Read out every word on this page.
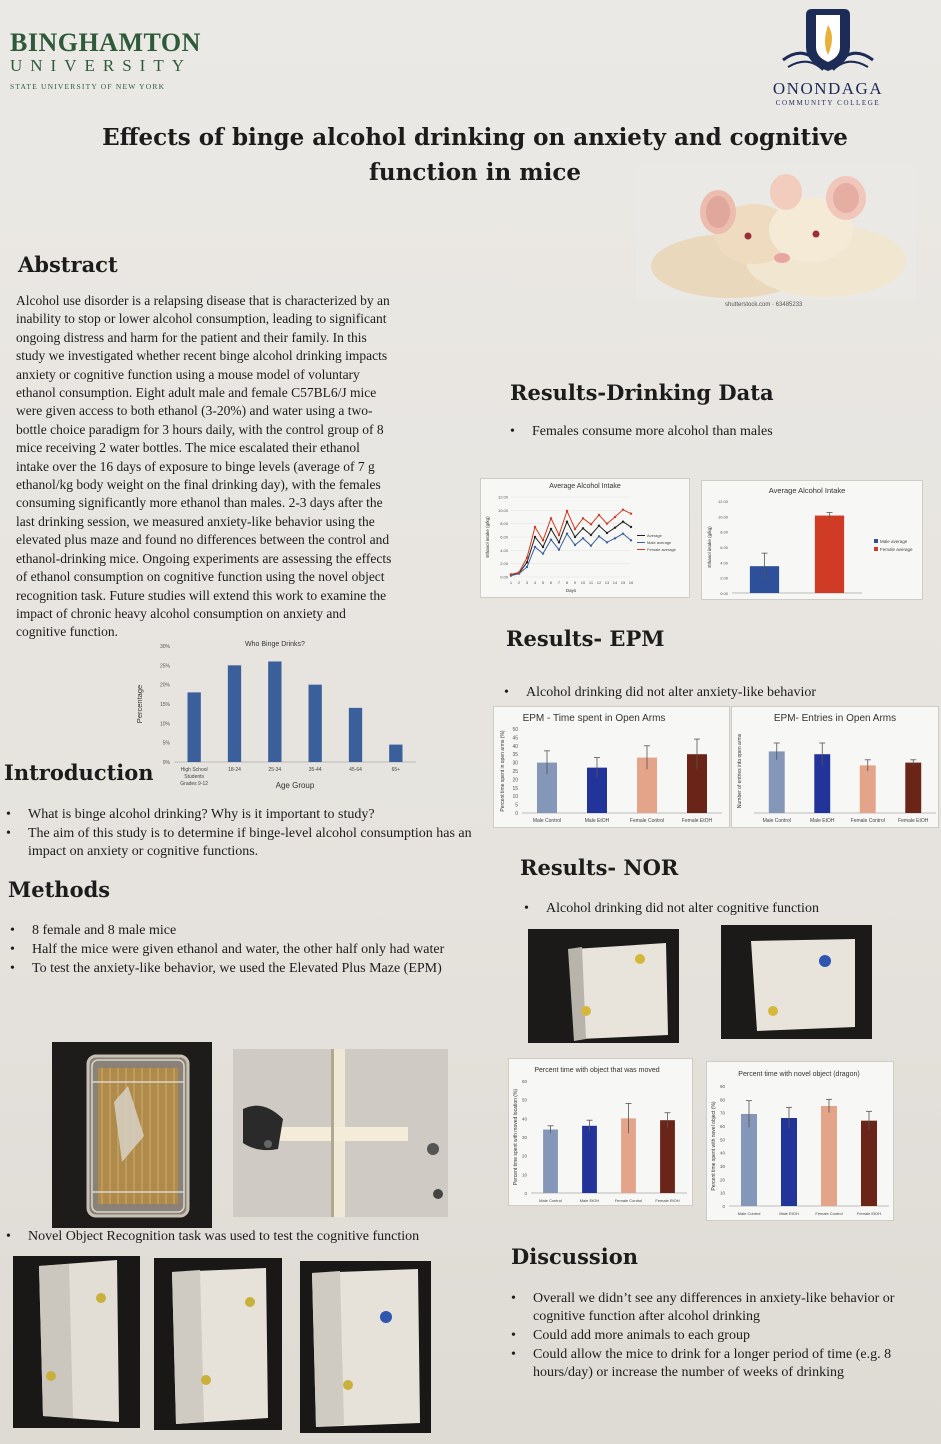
BINGHAMTON
UNIVERSITY
STATE UNIVERSITY OF NEW YORK	ONONDAGA
COMMUNITY COLLEGE
Effects of binge alcohol drinking on anxiety and cognitive
function in mice
shutterstock.com · 63485233
Abstract
Alcohol use disorder is a relapsing disease that is characterized by an
inability to stop or lower alcohol consumption, leading to significant
ongoing distress and harm for the patient and their family. In this
study we investigated whether recent binge alcohol drinking impacts
anxiety or cognitive function using a mouse model of voluntary
ethanol consumption. Eight adult male and female C57BL6/J mice
were given access to both ethanol (3-20%) and water using a two-
bottle choice paradigm for 3 hours daily, with the control group of 8
mice receiving 2 water bottles. The mice escalated their ethanol
intake over the 16 days of exposure to binge levels (average of 7 g
ethanol/kg body weight on the final drinking day), with the females
consuming significantly more ethanol than males. 2-3 days after the
last drinking session, we measured anxiety-like behavior using the
elevated plus maze and found no differences between the control and
ethanol-drinking mice. Ongoing experiments are assessing the effects
of ethanol consumption on cognitive function using the novel object
recognition task. Future studies will extend this work to examine the
impact of chronic heavy alcohol consumption on anxiety and
cognitive function.
Who Binge Drinks?
Percentage
Age Group
0%
5%
10%
15%
20%
25%
30%
High School
Students
Grades 9-12
18-24	25-34	35-44	45-64	65+
Introduction
• What is binge alcohol drinking? Why is it important to study?
• The aim of this study is to determine if binge-level alcohol consumption has an impact on anxiety or cognitive functions.
Methods
• 8 female and 8 male mice
• Half the mice were given ethanol and water, the other half only had water
• To test the anxiety-like behavior, we used the Elevated Plus Maze (EPM)
• Novel Object Recognition task was used to test the cognitive function
Results-Drinking Data
• Females consume more alcohol than males
Average Alcohol Intake
Ethanol intake (g/kg)
Days
0.00
2.00
4.00
6.00
8.00
10.00
12.00
1 2 3 4 5 6 7 8 9 10 11 12 13 14 15 16
Average
Male average
Female average
Average Alcohol Intake
Ethanol intake (g/kg)
0.00
2.00
4.00
6.00
8.00
10.00
12.00
Male average
Female average
Results- EPM
• Alcohol drinking did not alter anxiety-like behavior
EPM - Time spent in Open Arms
Percent time spent in open arms (%)
0
5
10
15
20
25
30
35
40
45
50
Male Control	Male EtOH	Female Control	Female EtOH
EPM- Entries in Open Arms
Number of entries into open arms
Male Control	Male EtOH	Female Control	Female EtOH
Results- NOR
• Alcohol drinking did not alter cognitive function
Percent time with object that was moved
Percent time spent with moved location (%)
0
10
20
30
40
50
60
Male Control	Male EtOH	Female Control	Female EtOH
Percent time with novel object (dragon)
Percent time spent with novel object (%)
0
10
20
30
40
50
60
70
80
90
Male Control	Male EtOH	Female Control	Female EtOH
Discussion
• Overall we didn’t see any differences in anxiety-like behavior or cognitive function after alcohol drinking
• Could add more animals to each group
• Could allow the mice to drink for a longer period of time (e.g. 8 hours/day) or increase the number of weeks of drinking
